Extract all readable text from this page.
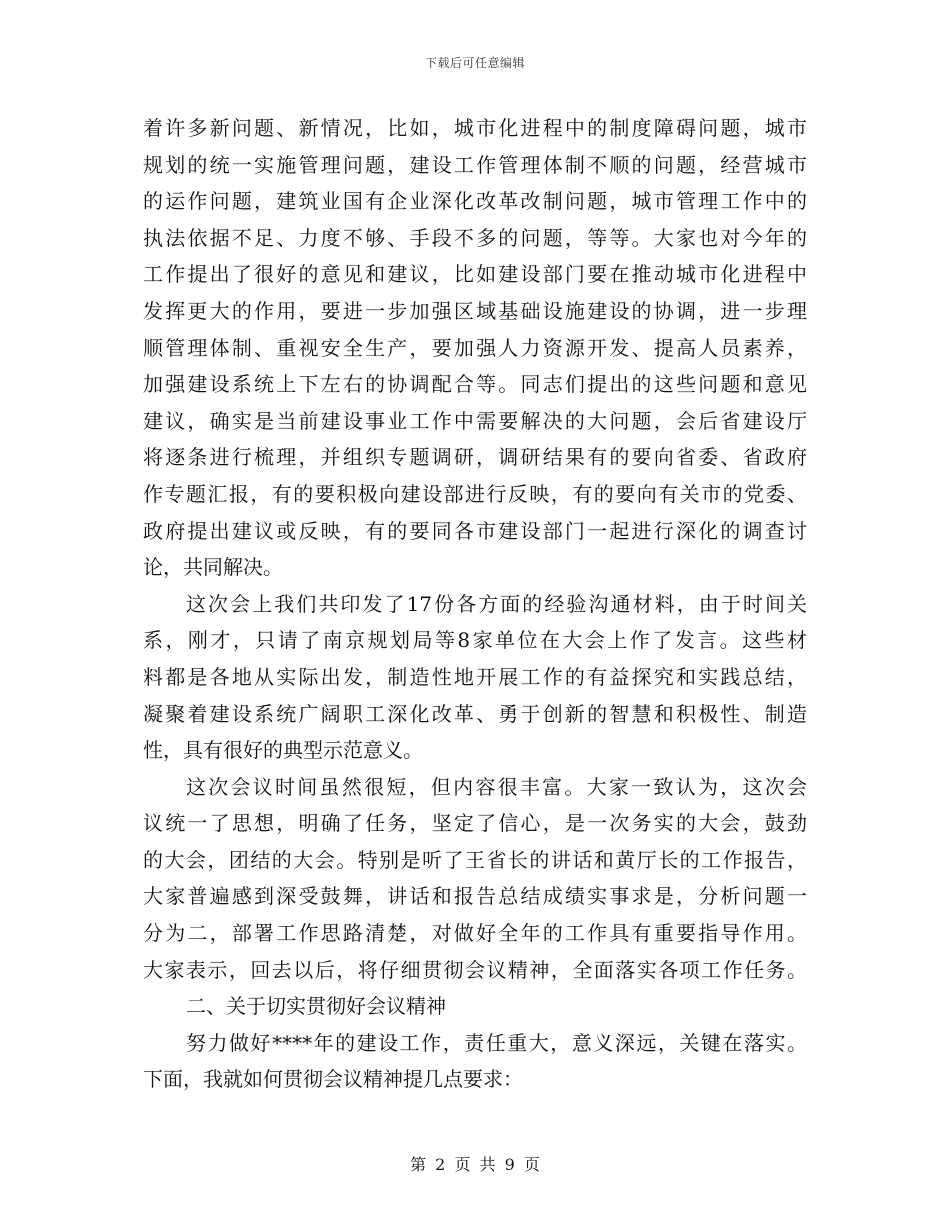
下载后可任意编辑
着许多新问题、新情况，比如，城市化进程中的制度障碍问题，城市
规划的统一实施管理问题，建设工作管理体制不顺的问题，经营城市
的运作问题，建筑业国有企业深化改革改制问题，城市管理工作中的
执法依据不足、力度不够、手段不多的问题，等等。大家也对今年的
工作提出了很好的意见和建议，比如建设部门要在推动城市化进程中
发挥更大的作用，要进一步加强区域基础设施建设的协调，进一步理
顺管理体制、重视安全生产，要加强人力资源开发、提高人员素养，
加强建设系统上下左右的协调配合等。同志们提出的这些问题和意见
建议，确实是当前建设事业工作中需要解决的大问题，会后省建设厅
将逐条进行梳理，并组织专题调研，调研结果有的要向省委、省政府
作专题汇报，有的要积极向建设部进行反映，有的要向有关市的党委、
政府提出建议或反映，有的要同各市建设部门一起进行深化的调查讨
论，共同解决。
这次会上我们共印发了17份各方面的经验沟通材料，由于时间关
系，刚才，只请了南京规划局等8家单位在大会上作了发言。这些材
料都是各地从实际出发，制造性地开展工作的有益探究和实践总结，
凝聚着建设系统广阔职工深化改革、勇于创新的智慧和积极性、制造
性，具有很好的典型示范意义。
这次会议时间虽然很短，但内容很丰富。大家一致认为，这次会
议统一了思想，明确了任务，坚定了信心，是一次务实的大会，鼓劲
的大会，团结的大会。特别是听了王省长的讲话和黄厅长的工作报告，
大家普遍感到深受鼓舞，讲话和报告总结成绩实事求是，分析问题一
分为二，部署工作思路清楚，对做好全年的工作具有重要指导作用。
大家表示，回去以后，将仔细贯彻会议精神，全面落实各项工作任务。
二、关于切实贯彻好会议精神
努力做好****年的建设工作，责任重大，意义深远，关键在落实。
下面，我就如何贯彻会议精神提几点要求：
第 2 页 共 9 页
